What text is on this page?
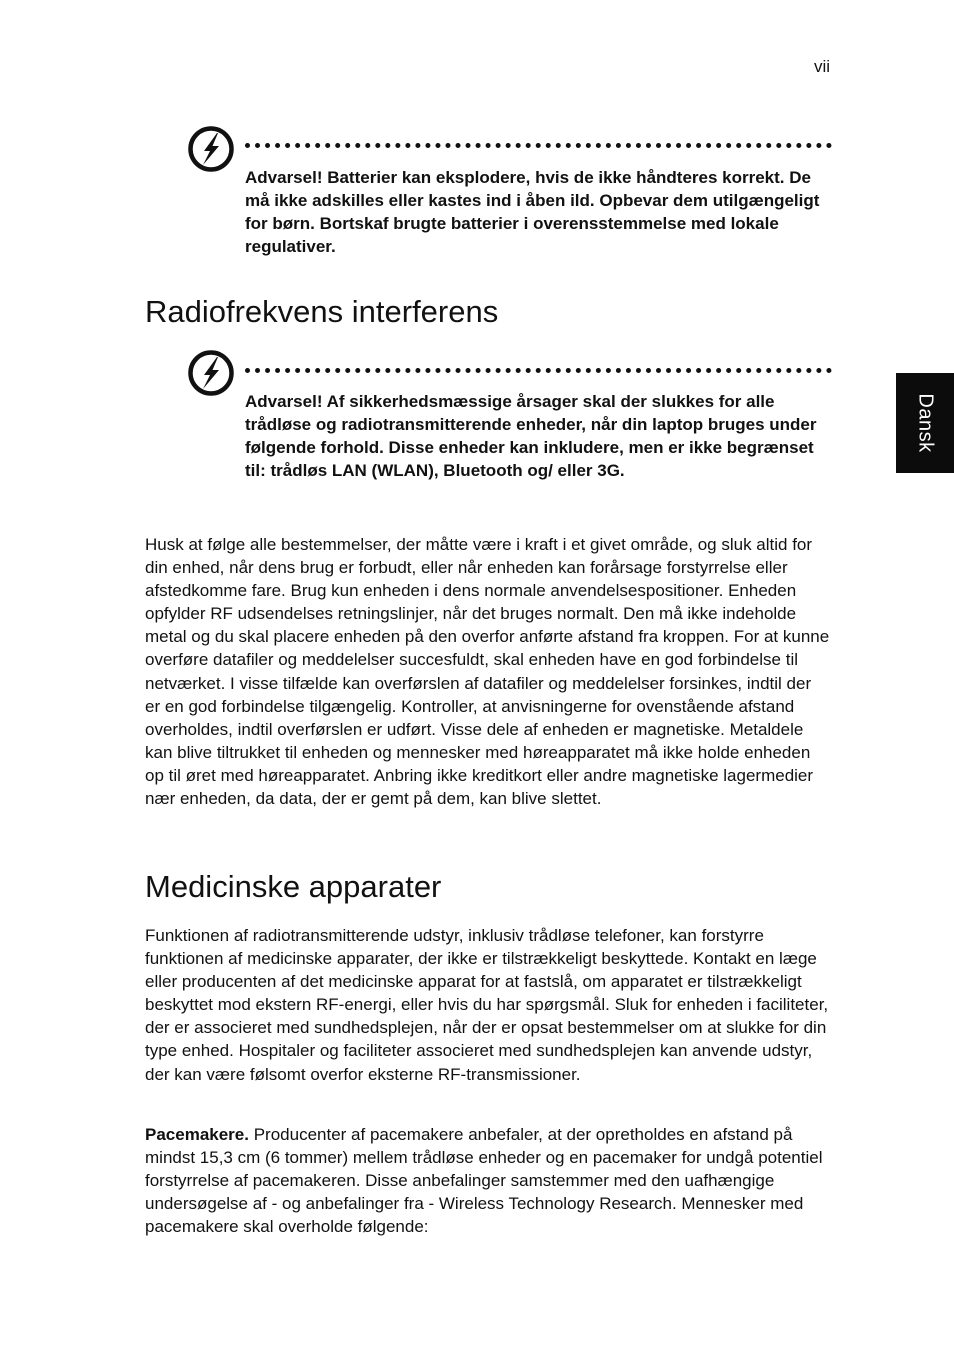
vii
Dansk
Advarsel! Batterier kan eksplodere, hvis de ikke håndteres korrekt. De må ikke adskilles eller kastes ind i åben ild. Opbevar dem utilgængeligt for børn. Bortskaf brugte batterier i overensstemmelse med lokale regulativer.
Radiofrekvens interferens
Advarsel! Af sikkerhedsmæssige årsager skal der slukkes for alle trådløse og radiotransmitterende enheder, når din laptop bruges under følgende forhold. Disse enheder kan inkludere, men er ikke begrænset til: trådløs LAN (WLAN), Bluetooth og/ eller 3G.

Husk at følge alle bestemmelser, der måtte være i kraft i et givet område, og sluk altid for din enhed, når dens brug er forbudt, eller når enheden kan forårsage forstyrrelse eller afstedkomme fare. Brug kun enheden i dens normale anvendelsespositioner. Enheden opfylder RF udsendelses retningslinjer, når det bruges normalt. Den må ikke indeholde metal og du skal placere enheden på den overfor anførte afstand fra kroppen. For at kunne overføre datafiler og meddelelser succesfuldt, skal enheden have en god forbindelse til netværket. I visse tilfælde kan overførslen af datafiler og meddelelser forsinkes, indtil der er en god forbindelse tilgængelig. Kontroller, at anvisningerne for ovenstående afstand overholdes, indtil overførslen er udført. Visse dele af enheden er magnetiske. Metaldele kan blive tiltrukket til enheden og mennesker med høreapparatet må ikke holde enheden op til øret med høreapparatet. Anbring ikke kreditkort eller andre magnetiske lagermedier nær enheden, da data, der er gemt på dem, kan blive slettet.

Medicinske apparater

Funktionen af radiotransmitterende udstyr, inklusiv trådløse telefoner, kan forstyrre funktionen af medicinske apparater, der ikke er tilstrækkeligt beskyttede. Kontakt en læge eller producenten af det medicinske apparat for at fastslå, om apparatet er tilstrækkeligt beskyttet mod ekstern RF-energi, eller hvis du har spørgsmål. Sluk for enheden i faciliteter, der er associeret med sundhedsplejen, når der er opsat bestemmelser om at slukke for din type enhed. Hospitaler og faciliteter associeret med sundhedsplejen kan anvende udstyr, der kan være følsomt overfor eksterne RF-transmissioner.

Pacemakere. Producenter af pacemakere anbefaler, at der opretholdes en afstand på mindst 15,3 cm (6 tommer) mellem trådløse enheder og en pacemaker for undgå potentiel forstyrrelse af pacemakeren. Disse anbefalinger samstemmer med den uafhængige undersøgelse af - og anbefalinger fra - Wireless Technology Research. Mennesker med pacemakere skal overholde følgende:
